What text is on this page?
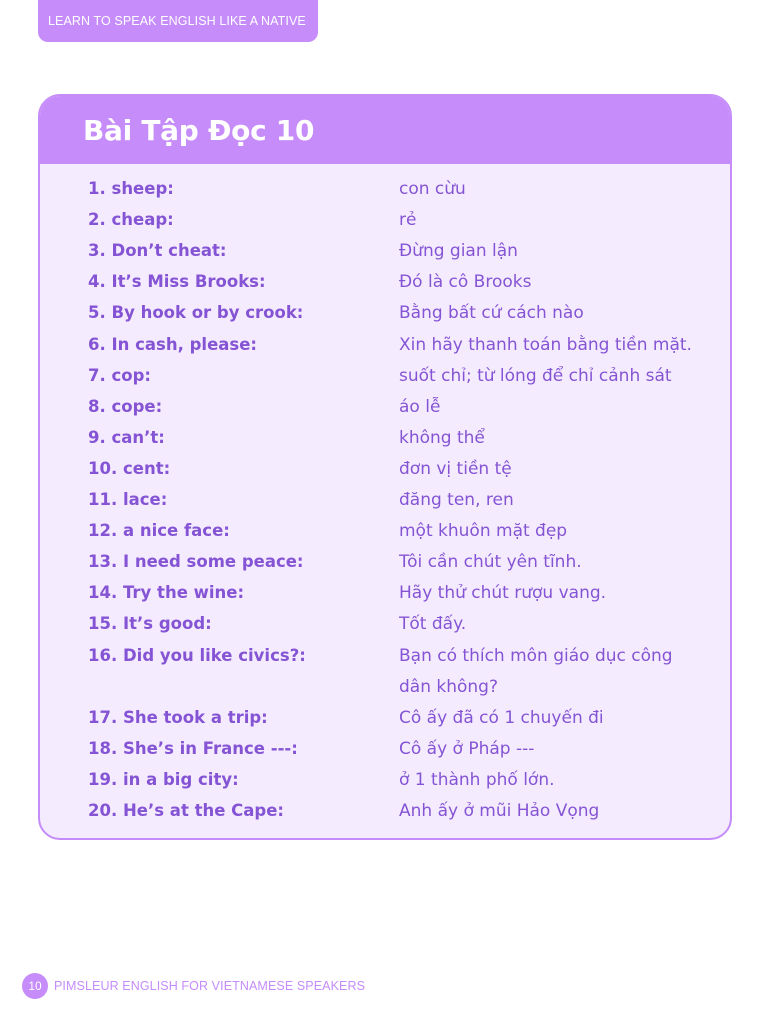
LEARN TO SPEAK ENGLISH LIKE A NATIVE
Bài Tập Đọc 10
1. sheep:	con cừu
2. cheap:	rẻ
3. Don’t cheat:	Đừng gian lận
4. It’s Miss Brooks:	Đó là cô Brooks
5. By hook or by crook:	Bằng bất cứ cách nào
6. In cash, please:	Xin hãy thanh toán bằng tiền mặt.
7. cop:	suốt chỉ; từ lóng để chỉ cảnh sát
8. cope:	áo lễ
9. can’t:	không thể
10. cent:	đơn vị tiền tệ
11. lace:	đăng ten, ren
12. a nice face:	một khuôn mặt đẹp
13. I need some peace:	Tôi cần chút yên tĩnh.
14. Try the wine:	Hãy thử chút rượu vang.
15. It’s good:	Tốt đấy.
16. Did you like civics?:	Bạn có thích môn giáo dục công dân không?
17. She took a trip:	Cô ấy đã có 1 chuyến đi
18. She’s in France ---:	Cô ấy ở Pháp ---
19. in a big city:	ở 1 thành phố lớn.
20. He’s at the Cape:	Anh ấy ở mũi Hảo Vọng
10 PIMSLEUR ENGLISH FOR VIETNAMESE SPEAKERS
